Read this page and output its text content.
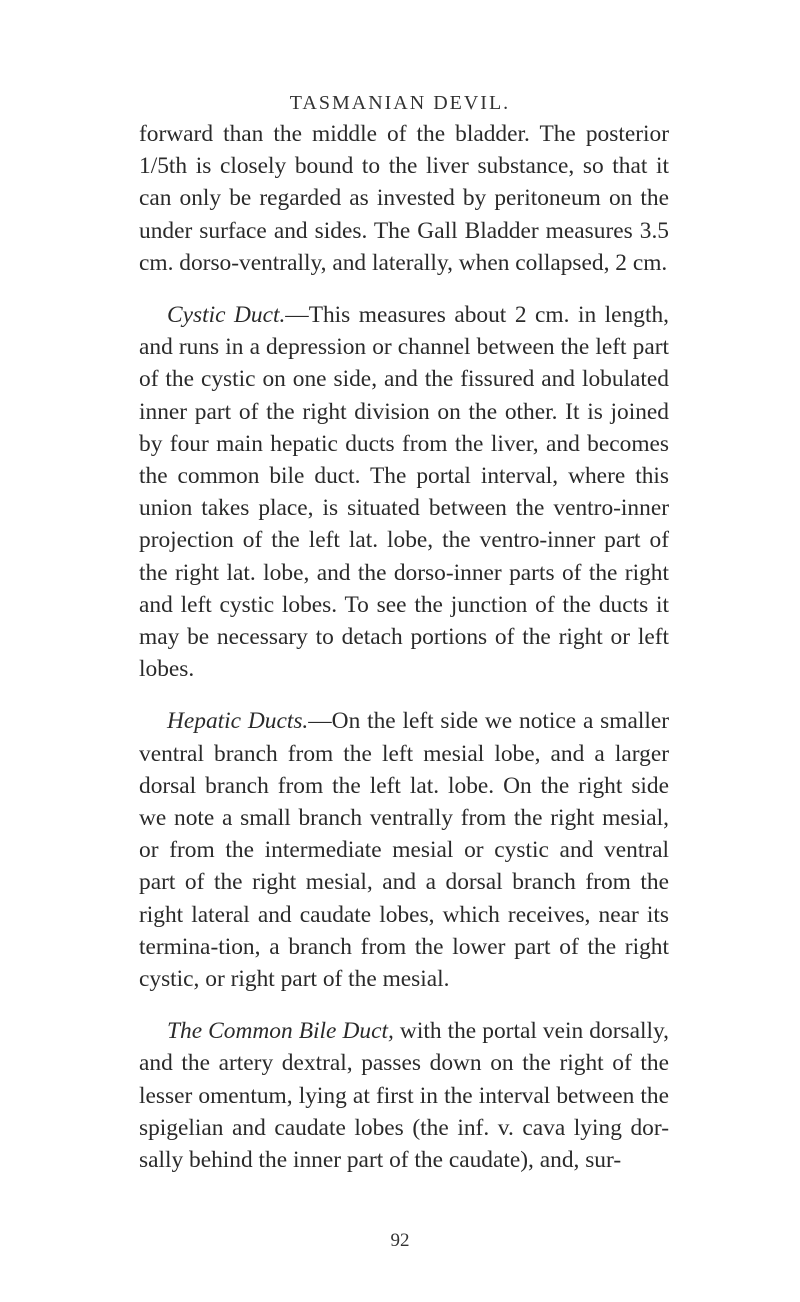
TASMANIAN DEVIL.

forward than the middle of the bladder. The posterior 1/5th is closely bound to the liver substance, so that it can only be regarded as invested by peritoneum on the under surface and sides. The Gall Bladder measures 3.5 cm. dorso-ventrally, and laterally, when collapsed, 2 cm.

Cystic Duct.—This measures about 2 cm. in length, and runs in a depression or channel between the left part of the cystic on one side, and the fissured and lobulated inner part of the right division on the other. It is joined by four main hepatic ducts from the liver, and becomes the common bile duct. The portal interval, where this union takes place, is situated between the ventro-inner projection of the left lat. lobe, the ventro-inner part of the right lat. lobe, and the dorso-inner parts of the right and left cystic lobes. To see the junction of the ducts it may be necessary to detach portions of the right or left lobes.

Hepatic Ducts.—On the left side we notice a smaller ventral branch from the left mesial lobe, and a larger dorsal branch from the left lat. lobe. On the right side we note a small branch ventrally from the right mesial, or from the intermediate mesial or cystic and ventral part of the right mesial, and a dorsal branch from the right lateral and caudate lobes, which receives, near its termina-tion, a branch from the lower part of the right cystic, or right part of the mesial.

The Common Bile Duct, with the portal vein dorsally, and the artery dextral, passes down on the right of the lesser omentum, lying at first in the interval between the spigelian and caudate lobes (the inf. v. cava lying dor-sally behind the inner part of the caudate), and, sur-

92
